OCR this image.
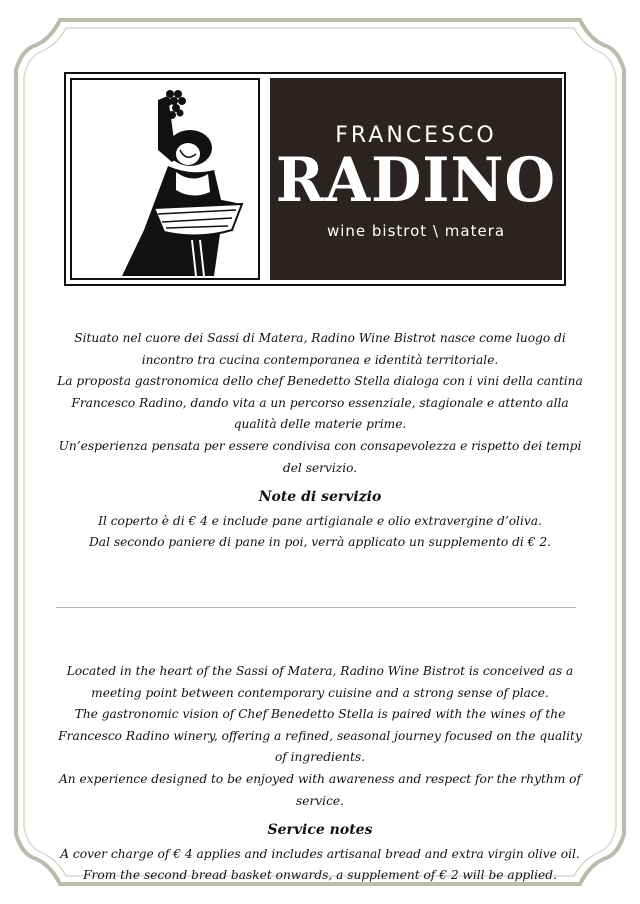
FRANCESCO
RADINO
wine bistrot \ matera

Situato nel cuore dei Sassi di Matera, Radino Wine Bistrot nasce come luogo di incontro tra cucina contemporanea e identità territoriale.

La proposta gastronomica dello chef Benedetto Stella dialoga con i vini della cantina Francesco Radino, dando vita a un percorso essenziale, stagionale e attento alla qualità delle materie prime.

Un’esperienza pensata per essere condivisa con consapevolezza e rispetto dei tempi del servizio.

Note di servizio

Il coperto è di € 4 e include pane artigianale e olio extravergine d’oliva.

Dal secondo paniere di pane in poi, verrà applicato un supplemento di € 2.

Located in the heart of the Sassi of Matera, Radino Wine Bistrot is conceived as a meeting point between contemporary cuisine and a strong sense of place.

The gastronomic vision of Chef Benedetto Stella is paired with the wines of the Francesco Radino winery, offering a refined, seasonal journey focused on the quality of ingredients.

An experience designed to be enjoyed with awareness and respect for the rhythm of service.

Service notes

A cover charge of € 4 applies and includes artisanal bread and extra virgin olive oil.

From the second bread basket onwards, a supplement of € 2 will be applied.
